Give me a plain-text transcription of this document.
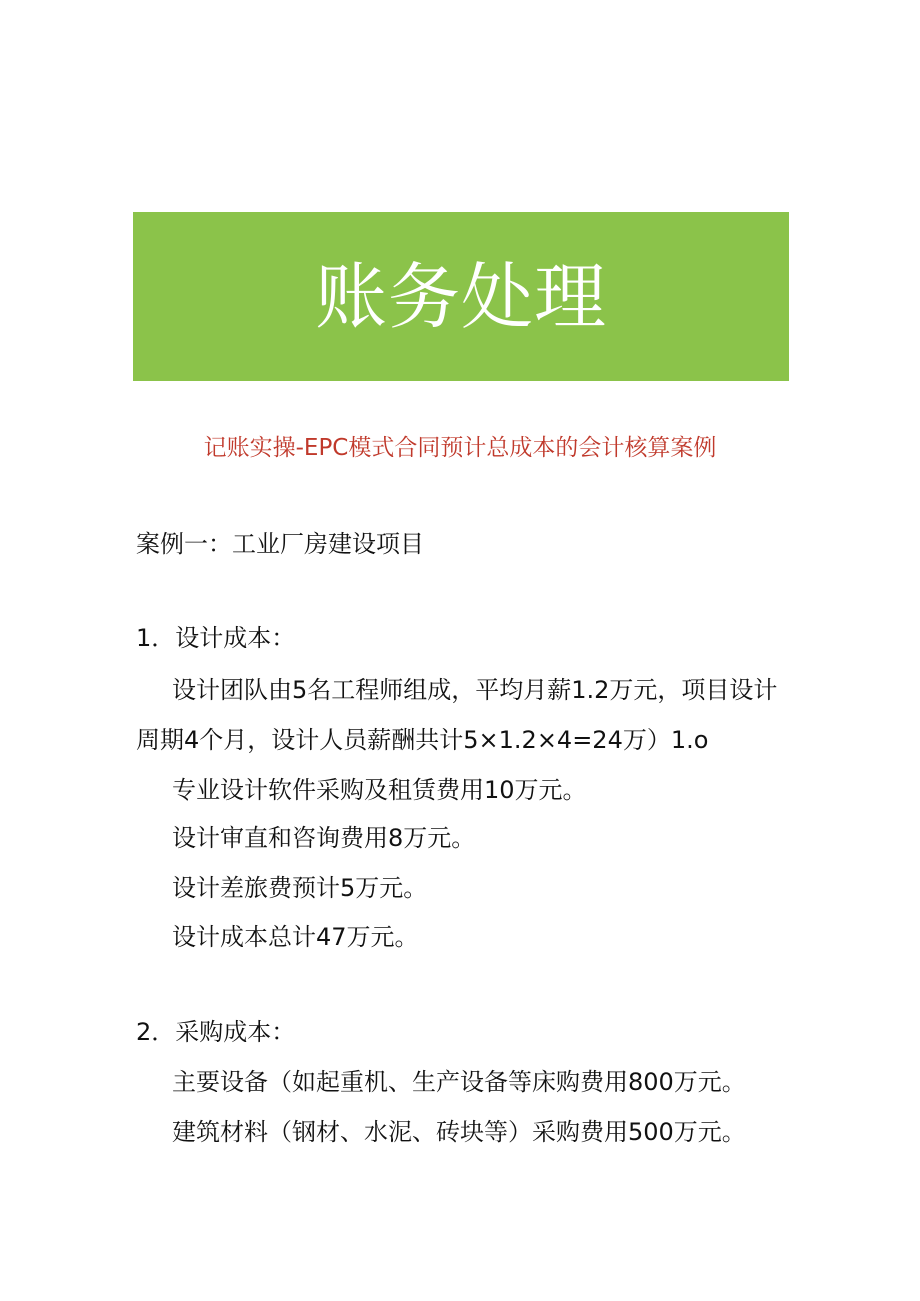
账务处理

记账实操-EPC模式合同预计总成本的会计核算案例

案例一：工业厂房建设项目

1．设计成本：

设计团队由5名工程师组成，平均月薪1.2万元，项目设计

周期4个月，设计人员薪酬共计5×1.2×4=24万）1.o

专业设计软件采购及租赁费用10万元。

设计审直和咨询费用8万元。

设计差旅费预计5万元。

设计成本总计47万元。

2．采购成本：

主要设备（如起重机、生产设备等床购费用800万元。

建筑材料（钢材、水泥、砖块等）采购费用500万元。
